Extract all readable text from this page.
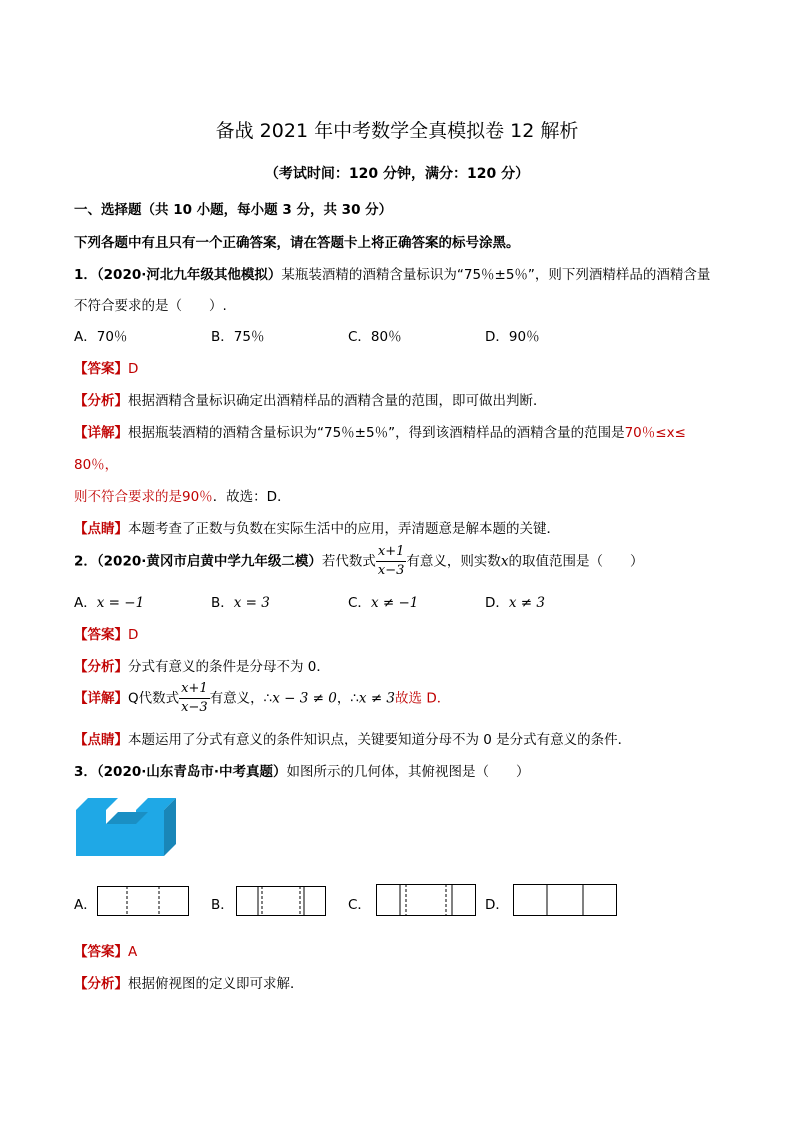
备战 2021 年中考数学全真模拟卷 12 解析
（考试时间：120 分钟，满分：120 分）
一、选择题（共 10 小题，每小题 3 分，共 30 分）
下列各题中有且只有一个正确答案，请在答题卡上将正确答案的标号涂黑。
1．（2020·河北九年级其他模拟）某瓶装酒精的酒精含量标识为“75％±5％”，则下列酒精样品的酒精含量
不符合要求的是（　　）.
A．70％	B．75％	C．80％	D．90％
【答案】D
【分析】根据酒精含量标识确定出酒精样品的酒精含量的范围，即可做出判断．
【详解】根据瓶装酒精的酒精含量标识为“75％±5％”，得到该酒精样品的酒精含量的范围是70％≤x≤
80％，
则不符合要求的是90％．故选：D．
【点睛】本题考查了正数与负数在实际生活中的应用，弄清题意是解本题的关键．
2．（2020·黄冈市启黄中学九年级二模）若代数式 $\frac{x+1}{x-3}$ 有意义，则实数x的取值范围是（　　）
A．x = −1	B．x = 3	C．x ≠ −1	D．x ≠ 3
【答案】D
【分析】分式有意义的条件是分母不为 0．
【详解】Q代数式 $\frac{x+1}{x-3}$ 有意义，∴x − 3 ≠ 0，∴x ≠ 3故选 D．
【点睛】本题运用了分式有意义的条件知识点，关键要知道分母不为 0 是分式有意义的条件．
3．（2020·山东青岛市·中考真题）如图所示的几何体，其俯视图是（　　）
A．	B．	C．	D．
【答案】A
【分析】根据俯视图的定义即可求解．
